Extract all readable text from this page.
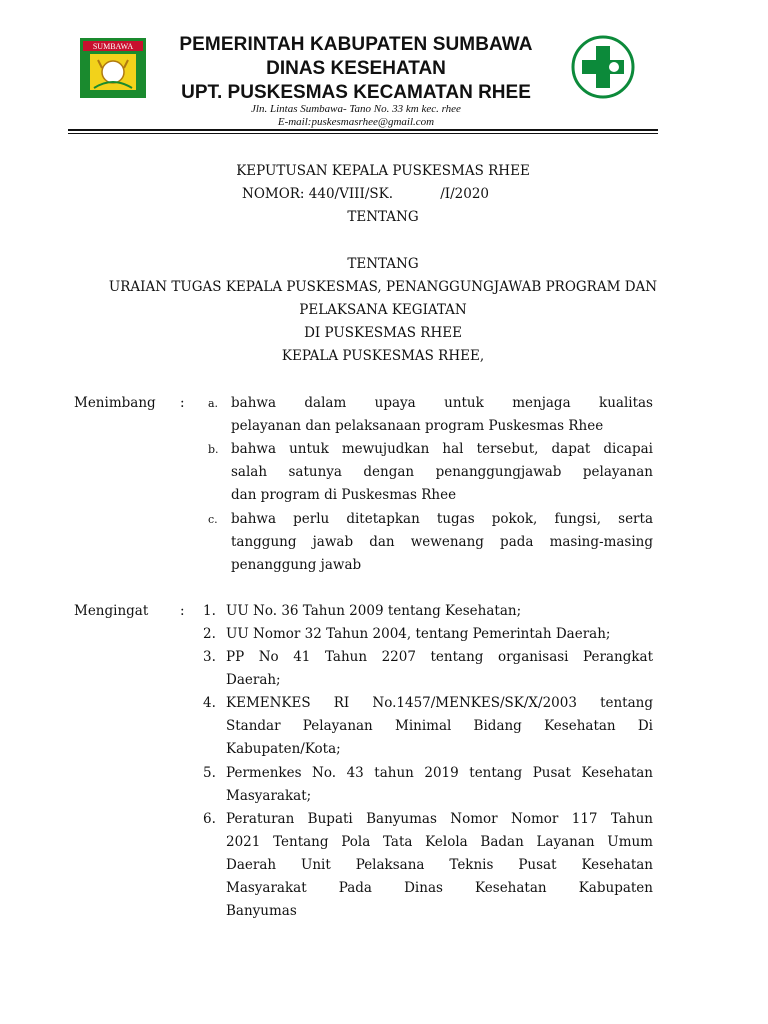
SUMBAWA	PEMERINTAH KABUPATEN SUMBAWA
DINAS KESEHATAN
UPT. PUSKESMAS KECAMATAN RHEE
Jln. Lintas Sumbawa- Tano No. 33 km kec. rhee
E-mail:puskesmasrhee@gmail.com
KEPUTUSAN KEPALA PUSKESMAS RHEE
NOMOR: 440/VIII/SK.           /I/2020
TENTANG
TENTANG
URAIAN TUGAS KEPALA PUSKESMAS, PENANGGUNGJAWAB PROGRAM DAN
PELAKSANA KEGIATAN
DI PUSKESMAS RHEE
KEPALA PUSKESMAS RHEE,
Menimbang : a. bahwa dalam upaya untuk menjaga kualitas
pelayanan dan pelaksanaan program Puskesmas Rhee
b. bahwa untuk mewujudkan hal tersebut, dapat dicapai
salah satunya dengan penanggungjawab pelayanan
dan program di Puskesmas Rhee
c. bahwa perlu ditetapkan tugas pokok, fungsi, serta
tanggung jawab dan wewenang pada masing-masing
penanggung jawab
Mengingat : 1. UU No. 36 Tahun 2009 tentang Kesehatan;
2. UU Nomor 32 Tahun 2004, tentang Pemerintah Daerah;
3. PP No 41 Tahun 2207 tentang organisasi Perangkat
Daerah;
4. KEMENKES RI No.1457/MENKES/SK/X/2003 tentang
Standar Pelayanan Minimal Bidang Kesehatan Di
Kabupaten/Kota;
5. Permenkes No. 43 tahun 2019 tentang Pusat Kesehatan
Masyarakat;
6. Peraturan Bupati Banyumas Nomor Nomor 117 Tahun
2021 Tentang Pola Tata Kelola Badan Layanan Umum
Daerah Unit Pelaksana Teknis Pusat Kesehatan
Masyarakat Pada Dinas Kesehatan Kabupaten
Banyumas
